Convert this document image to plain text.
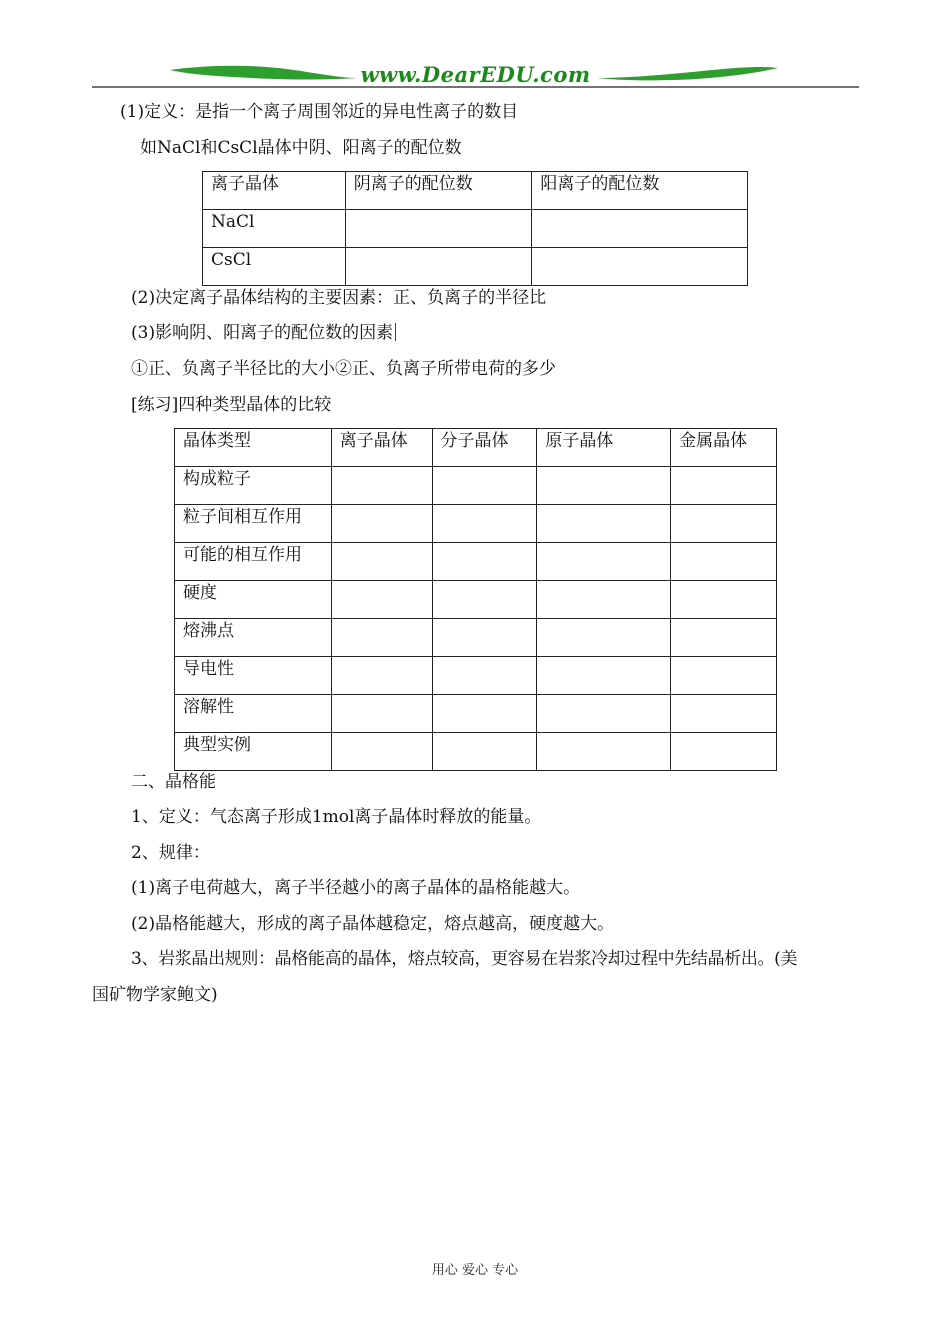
www.DearEDU.com
(1)定义：是指一个离子周围邻近的异电性离子的数目
如NaCl和CsCl晶体中阴、阳离子的配位数
离子晶体	阴离子的配位数	阳离子的配位数
NaCl		
CsCl		
(2)决定离子晶体结构的主要因素：正、负离子的半径比
(3)影响阴、阳离子的配位数的因素
①正、负离子半径比的大小②正、负离子所带电荷的多少
[练习]四种类型晶体的比较
晶体类型	离子晶体	分子晶体	原子晶体	金属晶体
构成粒子				
粒子间相互作用				
可能的相互作用				
硬度				
熔沸点				
导电性				
溶解性				
典型实例				
二、晶格能
1、定义：气态离子形成1mol离子晶体时释放的能量。
2、规律：
(1)离子电荷越大，离子半径越小的离子晶体的晶格能越大。
(2)晶格能越大，形成的离子晶体越稳定，熔点越高，硬度越大。
3、岩浆晶出规则：晶格能高的晶体，熔点较高，更容易在岩浆冷却过程中先结晶析出。(美
国矿物学家鲍文)
用心 爱心 专心
